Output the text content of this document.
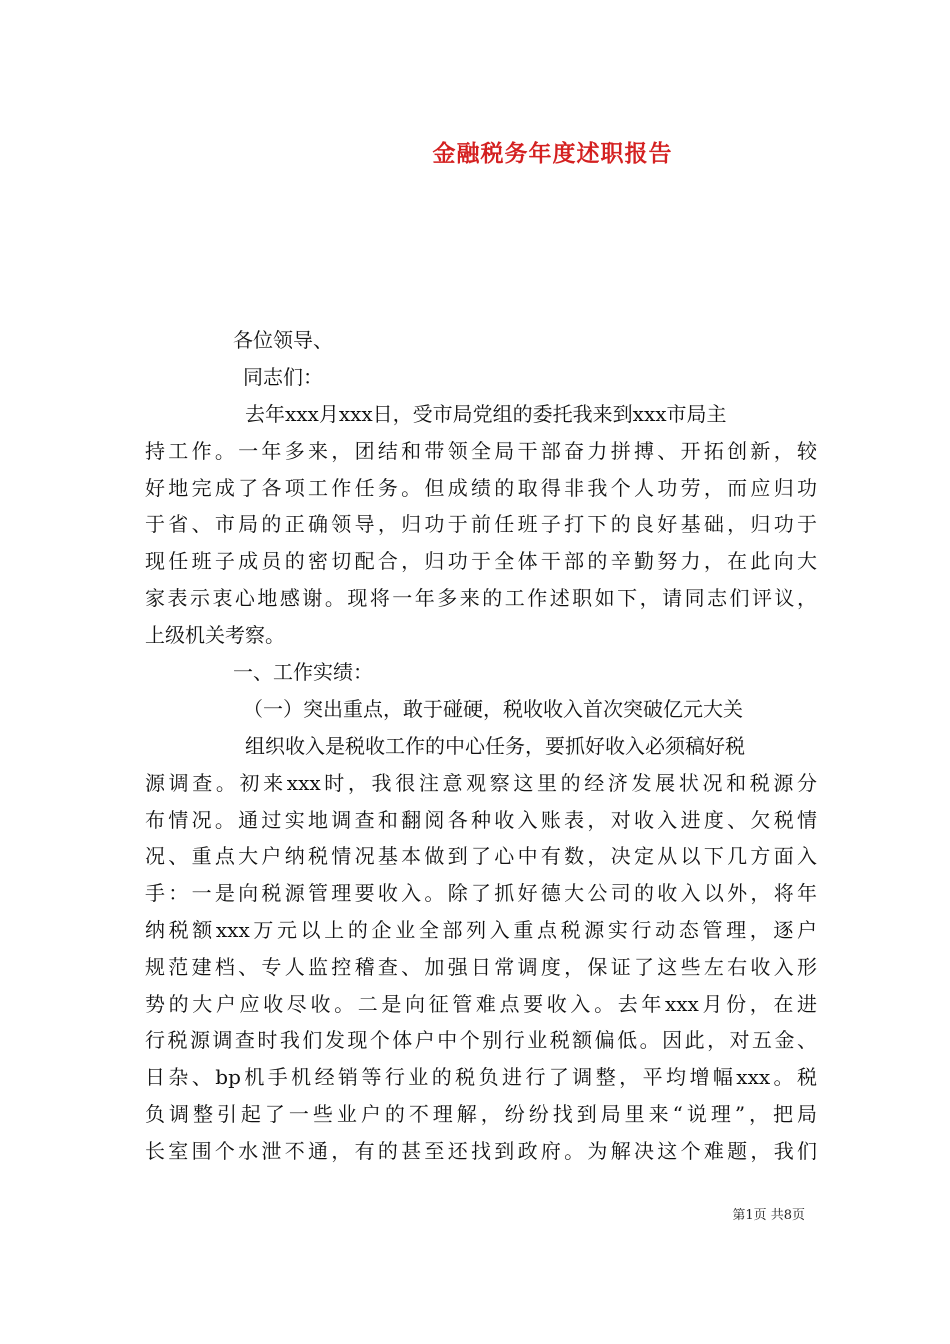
金融税务年度述职报告
各位领导、
同志们：
去年xxx月xxx日，受市局党组的委托我来到xxx市局主
持工作。一年多来，团结和带领全局干部奋力拼搏、开拓创新，较
好地完成了各项工作任务。但成绩的取得非我个人功劳，而应归功
于省、市局的正确领导，归功于前任班子打下的良好基础，归功于
现任班子成员的密切配合，归功于全体干部的辛勤努力，在此向大
家表示衷心地感谢。现将一年多来的工作述职如下，请同志们评议，
上级机关考察。
一、工作实绩：
（一）突出重点，敢于碰硬，税收收入首次突破亿元大关
组织收入是税收工作的中心任务，要抓好收入必须稿好税
源调查。初来xxx时，我很注意观察这里的经济发展状况和税源分
布情况。通过实地调查和翻阅各种收入账表，对收入进度、欠税情
况、重点大户纳税情况基本做到了心中有数，决定从以下几方面入
手：一是向税源管理要收入。除了抓好德大公司的收入以外，将年
纳税额xxx万元以上的企业全部列入重点税源实行动态管理，逐户
规范建档、专人监控稽查、加强日常调度，保证了这些左右收入形
势的大户应收尽收。二是向征管难点要收入。去年xxx月份，在进
行税源调查时我们发现个体户中个别行业税额偏低。因此，对五金、
日杂、bp机手机经销等行业的税负进行了调整，平均增幅xxx。税
负调整引起了一些业户的不理解，纷纷找到局里来“说理”，把局
长室围个水泄不通，有的甚至还找到政府。为解决这个难题，我们
第1页 共8页
